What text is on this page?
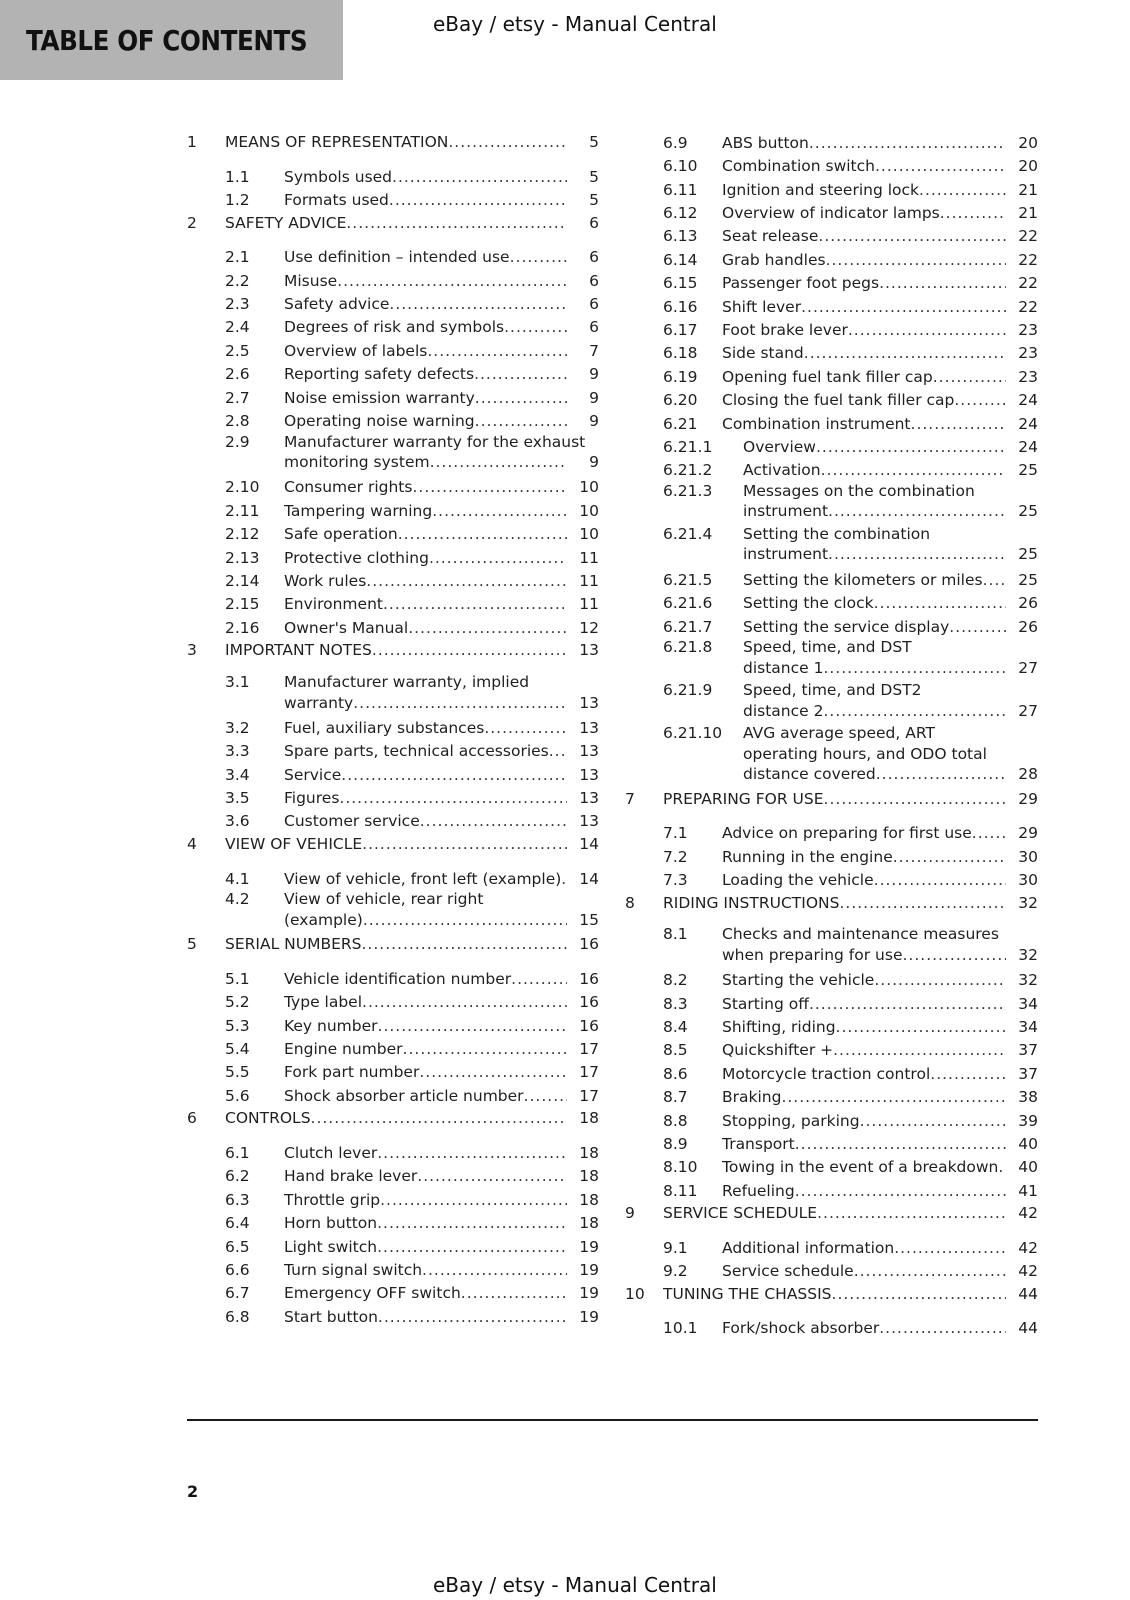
TABLE OF CONTENTS	eBay / etsy - Manual Central
1	MEANS OF REPRESENTATION .....	5
1.1	Symbols used .....	5
1.2	Formats used .....	5
2	SAFETY ADVICE .....	6
2.1	Use definition – intended use .....	6
2.2	Misuse .....	6
2.3	Safety advice .....	6
2.4	Degrees of risk and symbols .....	6
2.5	Overview of labels .....	7
2.6	Reporting safety defects .....	9
2.7	Noise emission warranty .....	9
2.8	Operating noise warning .....	9
2.9	Manufacturer warranty for the exhaust
monitoring system .....	9
2.10	Consumer rights .....	10
2.11	Tampering warning .....	10
2.12	Safe operation .....	10
2.13	Protective clothing .....	11
2.14	Work rules .....	11
2.15	Environment .....	11
2.16	Owner's Manual .....	12
3	IMPORTANT NOTES .....	13
3.1	Manufacturer warranty, implied
warranty .....	13
3.2	Fuel, auxiliary substances .....	13
3.3	Spare parts, technical accessories .....	13
3.4	Service .....	13
3.5	Figures .....	13
3.6	Customer service .....	13
4	VIEW OF VEHICLE .....	14
4.1	View of vehicle, front left (example) .....	14
4.2	View of vehicle, rear right
(example) .....	15
5	SERIAL NUMBERS .....	16
5.1	Vehicle identification number .....	16
5.2	Type label .....	16
5.3	Key number .....	16
5.4	Engine number .....	17
5.5	Fork part number .....	17
5.6	Shock absorber article number .....	17
6	CONTROLS .....	18
6.1	Clutch lever .....	18
6.2	Hand brake lever .....	18
6.3	Throttle grip .....	18
6.4	Horn button .....	18
6.5	Light switch .....	19
6.6	Turn signal switch .....	19
6.7	Emergency OFF switch .....	19
6.8	Start button .....	19
6.9	ABS button .....	20
6.10	Combination switch .....	20
6.11	Ignition and steering lock .....	21
6.12	Overview of indicator lamps .....	21
6.13	Seat release .....	22
6.14	Grab handles .....	22
6.15	Passenger foot pegs .....	22
6.16	Shift lever .....	22
6.17	Foot brake lever .....	23
6.18	Side stand .....	23
6.19	Opening fuel tank filler cap .....	23
6.20	Closing the fuel tank filler cap .....	24
6.21	Combination instrument .....	24
6.21.1	Overview .....	24
6.21.2	Activation .....	25
6.21.3	Messages on the combination
instrument .....	25
6.21.4	Setting the combination
instrument .....	25
6.21.5	Setting the kilometers or miles .....	25
6.21.6	Setting the clock .....	26
6.21.7	Setting the service display .....	26
6.21.8	Speed, time, and DST
distance 1 .....	27
6.21.9	Speed, time, and DST2
distance 2 .....	27
6.21.10	AVG average speed, ART
operating hours, and ODO total
distance covered .....	28
7	PREPARING FOR USE .....	29
7.1	Advice on preparing for first use .....	29
7.2	Running in the engine .....	30
7.3	Loading the vehicle .....	30
8	RIDING INSTRUCTIONS .....	32
8.1	Checks and maintenance measures
when preparing for use .....	32
8.2	Starting the vehicle .....	32
8.3	Starting off .....	34
8.4	Shifting, riding .....	34
8.5	Quickshifter + .....	37
8.6	Motorcycle traction control .....	37
8.7	Braking .....	38
8.8	Stopping, parking .....	39
8.9	Transport .....	40
8.10	Towing in the event of a breakdown .....	40
8.11	Refueling .....	41
9	SERVICE SCHEDULE .....	42
9.1	Additional information .....	42
9.2	Service schedule .....	42
10	TUNING THE CHASSIS .....	44
10.1	Fork/shock absorber .....	44
2
eBay / etsy - Manual Central
